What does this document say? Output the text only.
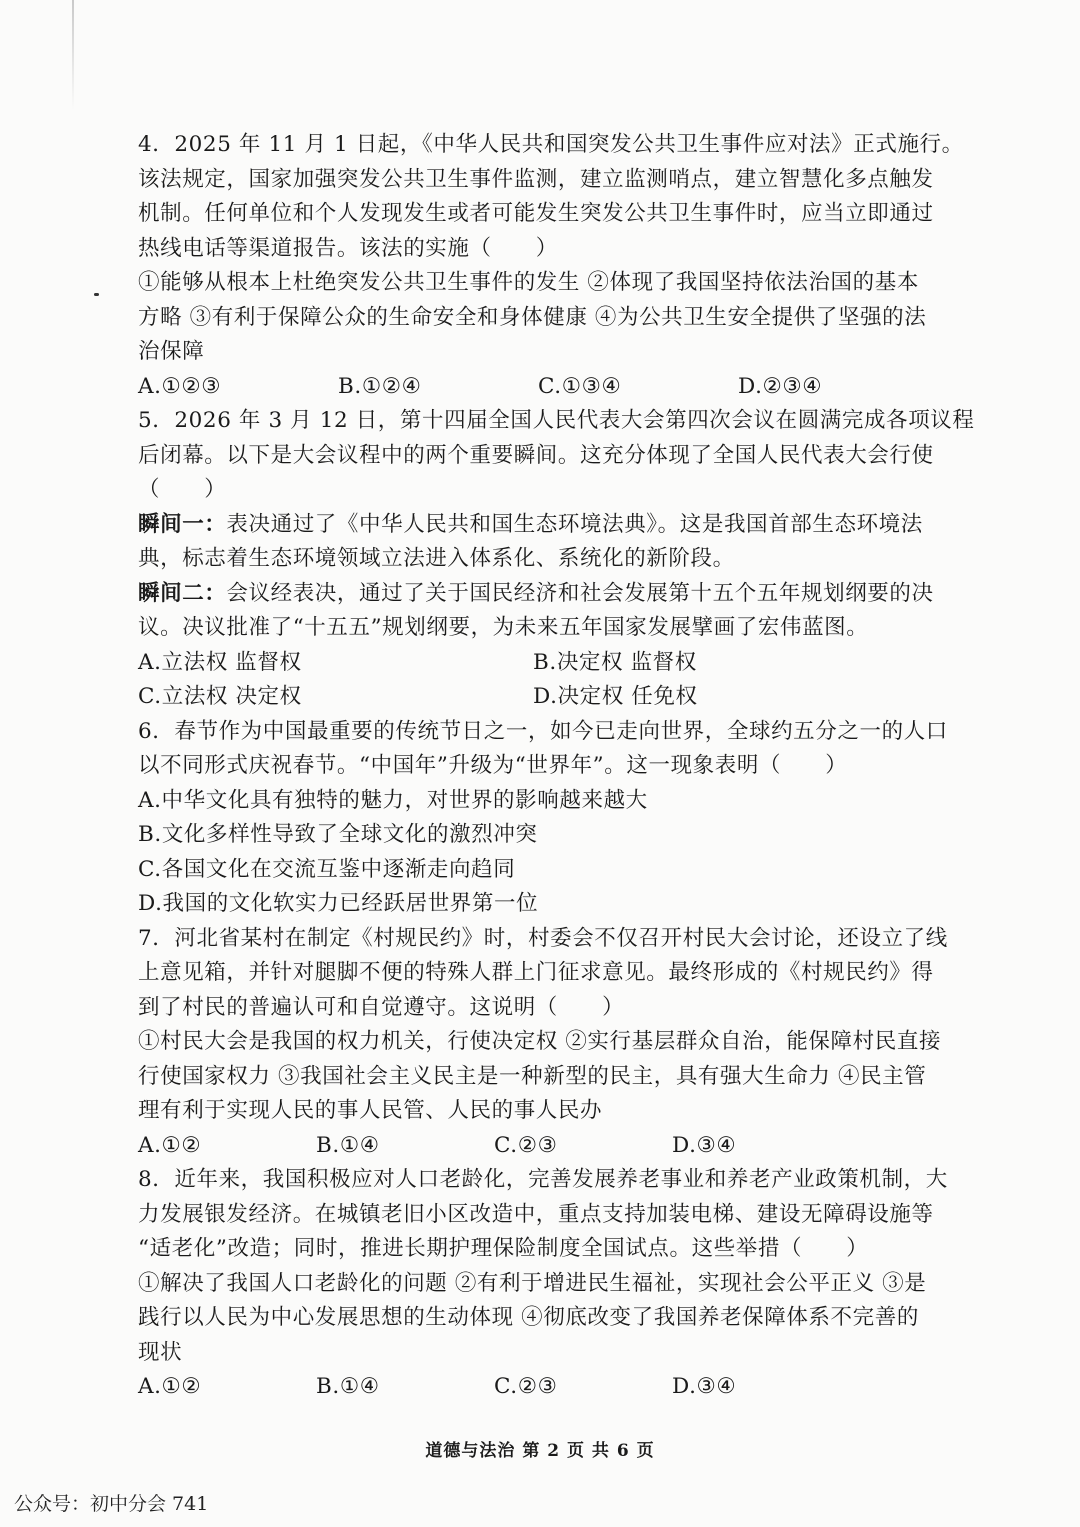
4．2025 年 11 月 1 日起，《中华人民共和国突发公共卫生事件应对法》正式施行。
该法规定，国家加强突发公共卫生事件监测，建立监测哨点，建立智慧化多点触发
机制。任何单位和个人发现发生或者可能发生突发公共卫生事件时，应当立即通过
热线电话等渠道报告。该法的实施（　　）
①能够从根本上杜绝突发公共卫生事件的发生 ②体现了我国坚持依法治国的基本
方略 ③有利于保障公众的生命安全和身体健康 ④为公共卫生安全提供了坚强的法
治保障
A.①②③	B.①②④	C.①③④	D.②③④
5．2026 年 3 月 12 日，第十四届全国人民代表大会第四次会议在圆满完成各项议程
后闭幕。以下是大会议程中的两个重要瞬间。这充分体现了全国人民代表大会行使
（　　）
瞬间一：表决通过了《中华人民共和国生态环境法典》。这是我国首部生态环境法
典，标志着生态环境领域立法进入体系化、系统化的新阶段。
瞬间二：会议经表决，通过了关于国民经济和社会发展第十五个五年规划纲要的决
议。决议批准了“十五五”规划纲要，为未来五年国家发展擘画了宏伟蓝图。
A.立法权 监督权	B.决定权 监督权
C.立法权 决定权	D.决定权 任免权
6．春节作为中国最重要的传统节日之一，如今已走向世界，全球约五分之一的人口
以不同形式庆祝春节。“中国年”升级为“世界年”。这一现象表明（　　）
A.中华文化具有独特的魅力，对世界的影响越来越大
B.文化多样性导致了全球文化的激烈冲突
C.各国文化在交流互鉴中逐渐走向趋同
D.我国的文化软实力已经跃居世界第一位
7．河北省某村在制定《村规民约》时，村委会不仅召开村民大会讨论，还设立了线
上意见箱，并针对腿脚不便的特殊人群上门征求意见。最终形成的《村规民约》得
到了村民的普遍认可和自觉遵守。这说明（　　）
①村民大会是我国的权力机关，行使决定权 ②实行基层群众自治，能保障村民直接
行使国家权力 ③我国社会主义民主是一种新型的民主，具有强大生命力 ④民主管
理有利于实现人民的事人民管、人民的事人民办
A.①②	B.①④	C.②③	D.③④
8．近年来，我国积极应对人口老龄化，完善发展养老事业和养老产业政策机制，大
力发展银发经济。在城镇老旧小区改造中，重点支持加装电梯、建设无障碍设施等
“适老化”改造；同时，推进长期护理保险制度全国试点。这些举措（　　）
①解决了我国人口老龄化的问题 ②有利于增进民生福祉，实现社会公平正义 ③是
践行以人民为中心发展思想的生动体现 ④彻底改变了我国养老保障体系不完善的
现状
A.①②	B.①④	C.②③	D.③④
道德与法治 第 2 页 共 6 页
公众号：初中分会 741
